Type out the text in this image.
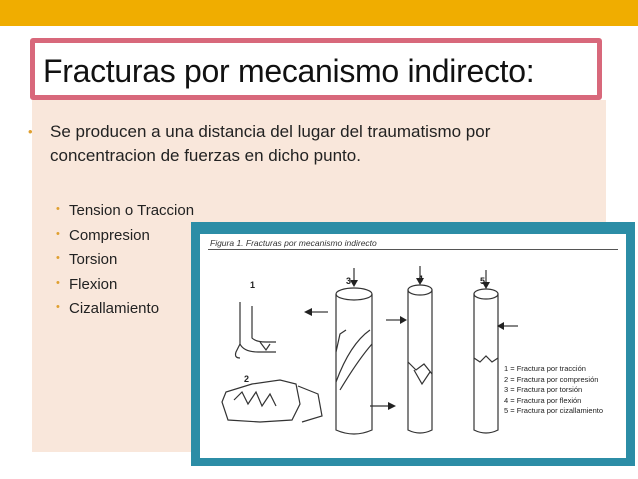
Fracturas por mecanismo indirecto:
•	Se producen a una distancia del lugar del traumatismo por concentracion de fuerzas en dicho punto.
• Tension o Traccion
• Compresion
• Torsion
• Flexion
• Cizallamiento
Figura 1. Fracturas por mecanismo indirecto
1
2
3	4	5
1 = Fractura por tracción
2 = Fractura por compresión
3 = Fractura por torsión
4 = Fractura por flexión
5 = Fractura por cizallamiento
